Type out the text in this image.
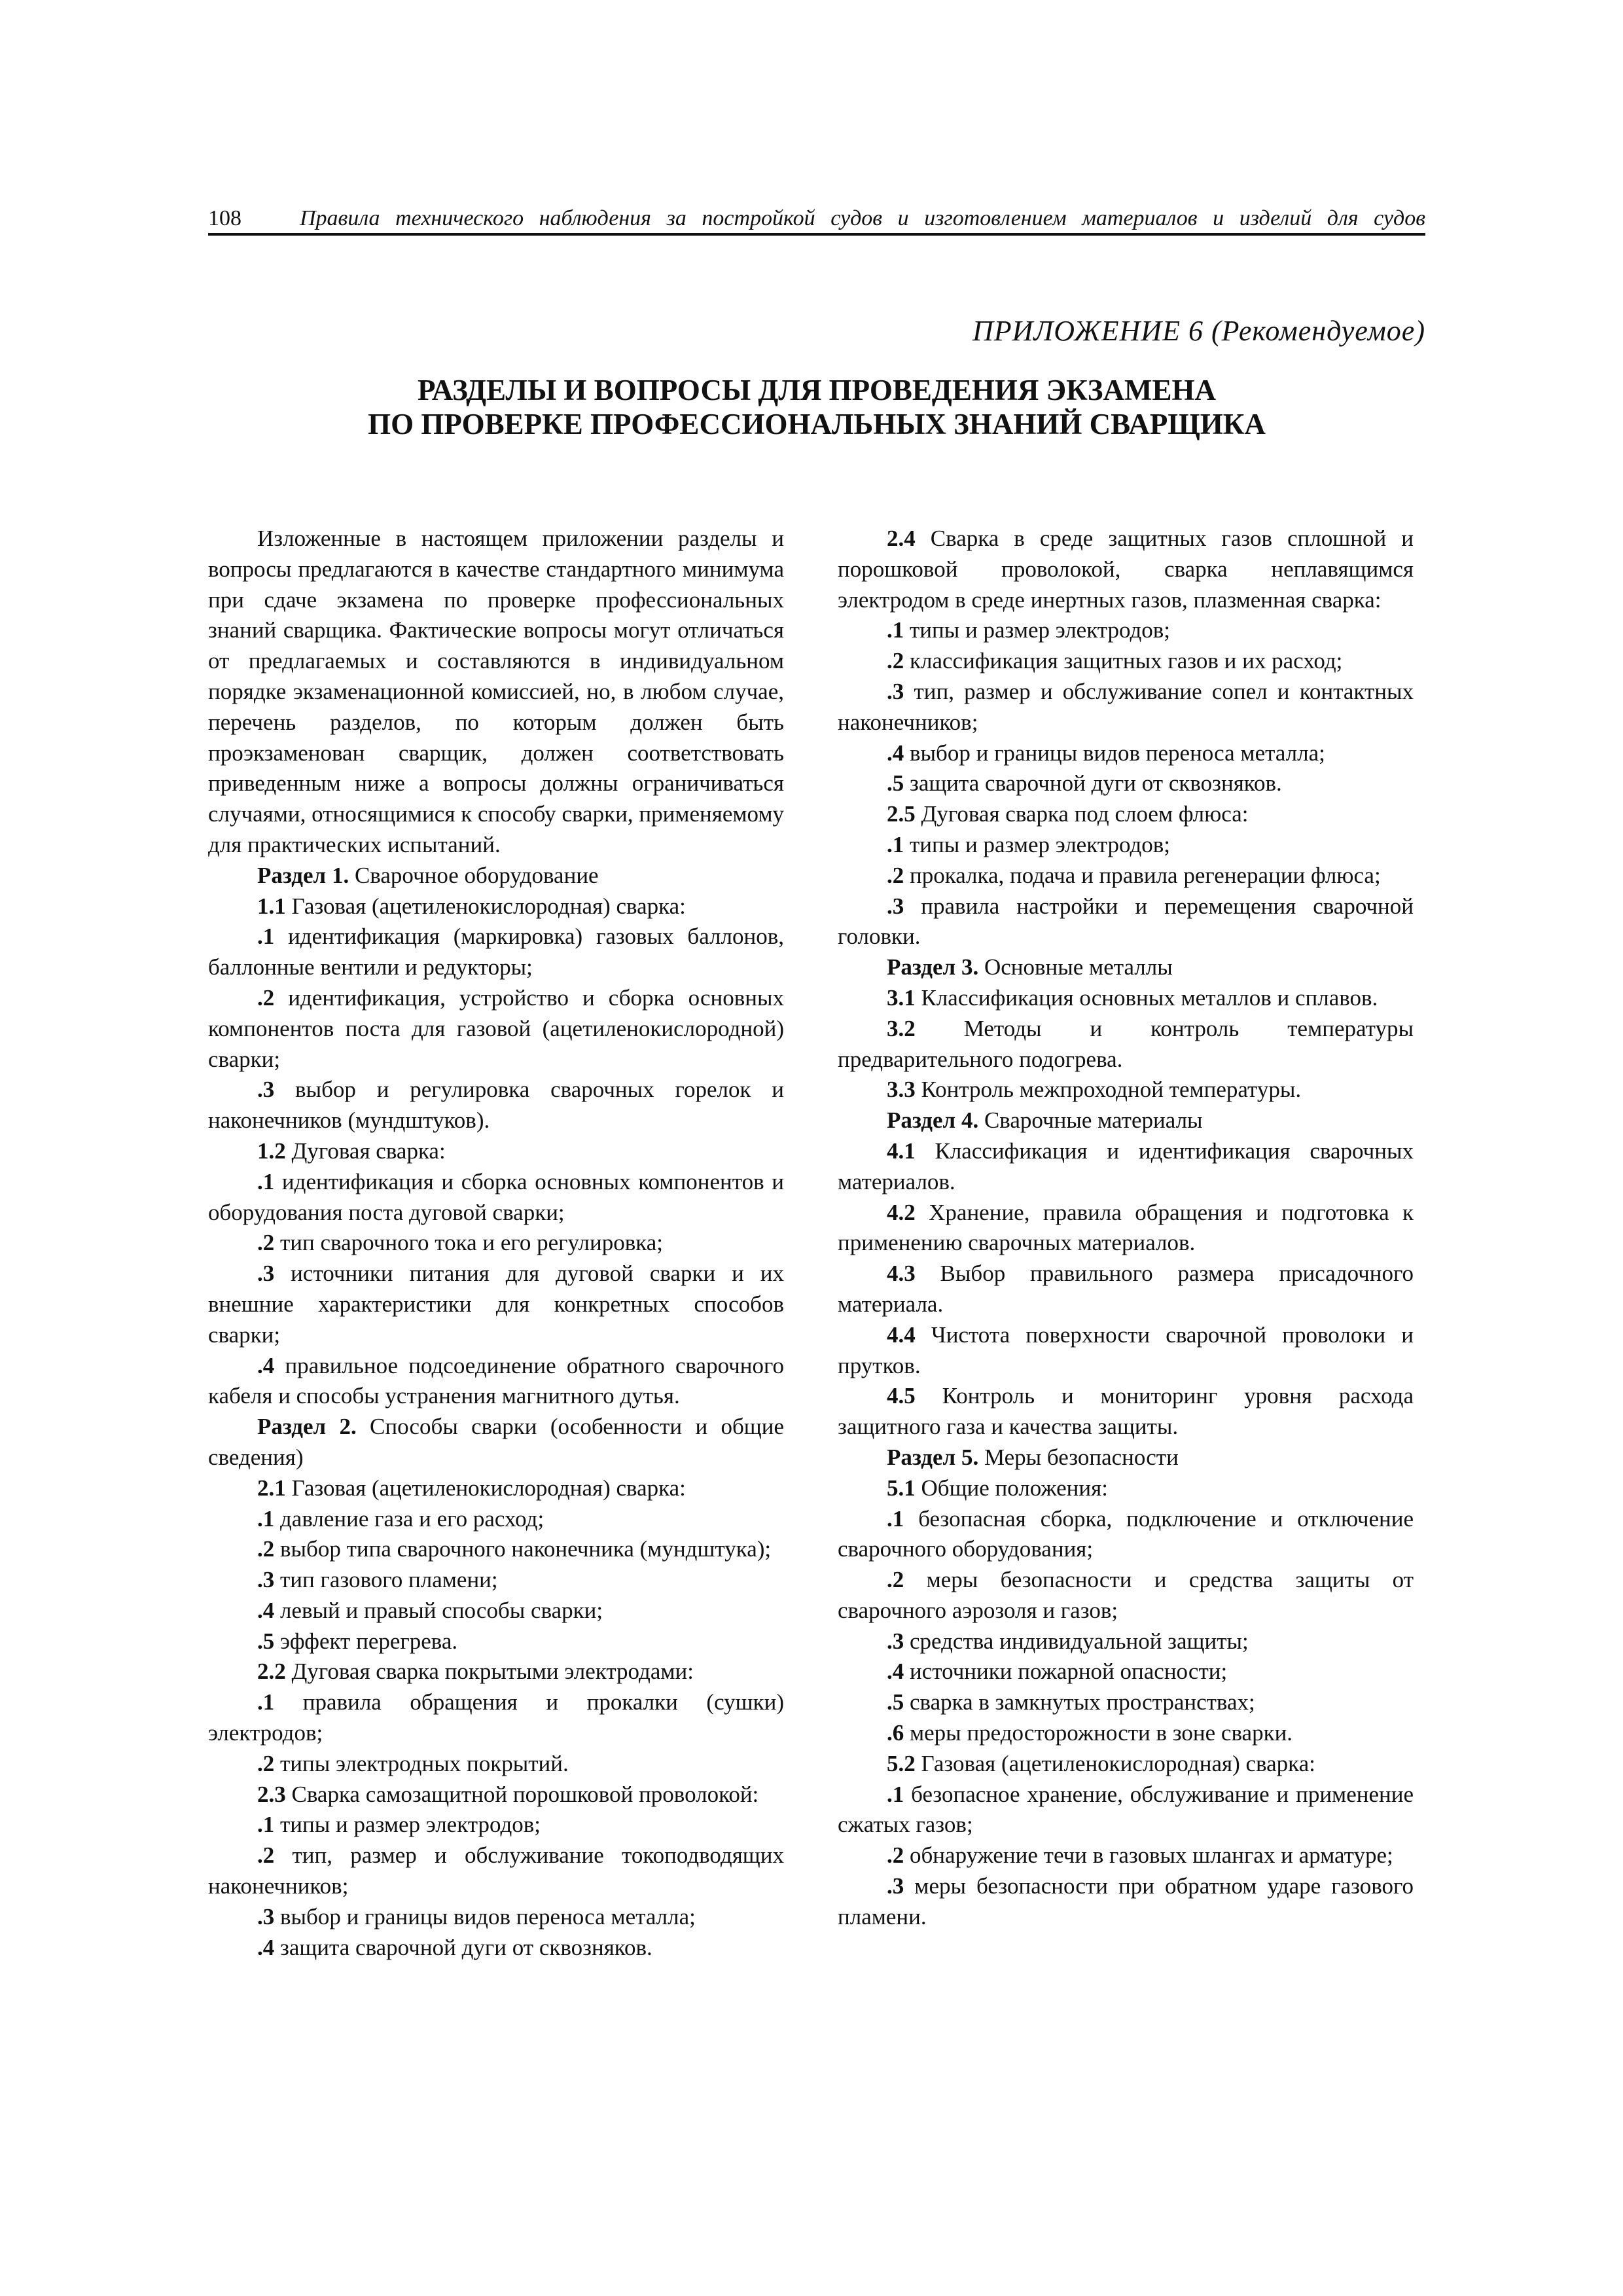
108	Правила технического наблюдения за постройкой судов и изготовлением материалов и изделий для судов
ПРИЛОЖЕНИЕ 6 (Рекомендуемое)
РАЗДЕЛЫ И ВОПРОСЫ ДЛЯ ПРОВЕДЕНИЯ ЭКЗАМЕНА
ПО ПРОВЕРКЕ ПРОФЕССИОНАЛЬНЫХ ЗНАНИЙ СВАРЩИКА

Изложенные в настоящем приложении разделы и вопросы предлагаются в качестве стандартного минимума при сдаче экзамена по проверке профессиональных знаний сварщика. Фактические вопросы могут отличаться от предлагаемых и составляются в индивидуальном порядке экзаменационной комиссией, но, в любом случае, перечень разделов, по которым должен быть проэкзаменован сварщик, должен соответствовать приведенным ниже а вопросы должны ограничиваться случаями, относящимися к способу сварки, применяемому для практических испытаний.

Раздел 1. Сварочное оборудование

1.1 Газовая (ацетиленокислородная) сварка:

.1 идентификация (маркировка) газовых баллонов, баллонные вентили и редукторы;

.2 идентификация, устройство и сборка основных компонентов поста для газовой (ацетиленокислородной) сварки;

.3 выбор и регулировка сварочных горелок и наконечников (мундштуков).

1.2 Дуговая сварка:

.1 идентификация и сборка основных компонентов и оборудования поста дуговой сварки;

.2 тип сварочного тока и его регулировка;

.3 источники питания для дуговой сварки и их внешние характеристики для конкретных способов сварки;

.4 правильное подсоединение обратного сварочного кабеля и способы устранения магнитного дутья.

Раздел 2. Способы сварки (особенности и общие сведения)

2.1 Газовая (ацетиленокислородная) сварка:

.1 давление газа и его расход;

.2 выбор типа сварочного наконечника (мундштука);

.3 тип газового пламени;

.4 левый и правый способы сварки;

.5 эффект перегрева.

2.2 Дуговая сварка покрытыми электродами:

.1 правила обращения и прокалки (сушки) электродов;

.2 типы электродных покрытий.

2.3 Сварка самозащитной порошковой проволокой:

.1 типы и размер электродов;

.2 тип, размер и обслуживание токоподводящих наконечников;

.3 выбор и границы видов переноса металла;

.4 защита сварочной дуги от сквозняков.

2.4 Сварка в среде защитных газов сплошной и порошковой проволокой, сварка неплавящимся электродом в среде инертных газов, плазменная сварка:

.1 типы и размер электродов;

.2 классификация защитных газов и их расход;

.3 тип, размер и обслуживание сопел и контактных наконечников;

.4 выбор и границы видов переноса металла;

.5 защита сварочной дуги от сквозняков.

2.5 Дуговая сварка под слоем флюса:

.1 типы и размер электродов;

.2 прокалка, подача и правила регенерации флюса;

.3 правила настройки и перемещения сварочной головки.

Раздел 3. Основные металлы

3.1 Классификация основных металлов и сплавов.

3.2 Методы и контроль температуры предварительного подогрева.

3.3 Контроль межпроходной температуры.

Раздел 4. Сварочные материалы

4.1 Классификация и идентификация сварочных материалов.

4.2 Хранение, правила обращения и подготовка к применению сварочных материалов.

4.3 Выбор правильного размера присадочного материала.

4.4 Чистота поверхности сварочной проволоки и прутков.

4.5 Контроль и мониторинг уровня расхода защитного газа и качества защиты.

Раздел 5. Меры безопасности

5.1 Общие положения:

.1 безопасная сборка, подключение и отключение сварочного оборудования;

.2 меры безопасности и средства защиты от сварочного аэрозоля и газов;

.3 средства индивидуальной защиты;

.4 источники пожарной опасности;

.5 сварка в замкнутых пространствах;

.6 меры предосторожности в зоне сварки.

5.2 Газовая (ацетиленокислородная) сварка:

.1 безопасное хранение, обслуживание и применение сжатых газов;

.2 обнаружение течи в газовых шлангах и арматуре;

.3 меры безопасности при обратном ударе газового пламени.
